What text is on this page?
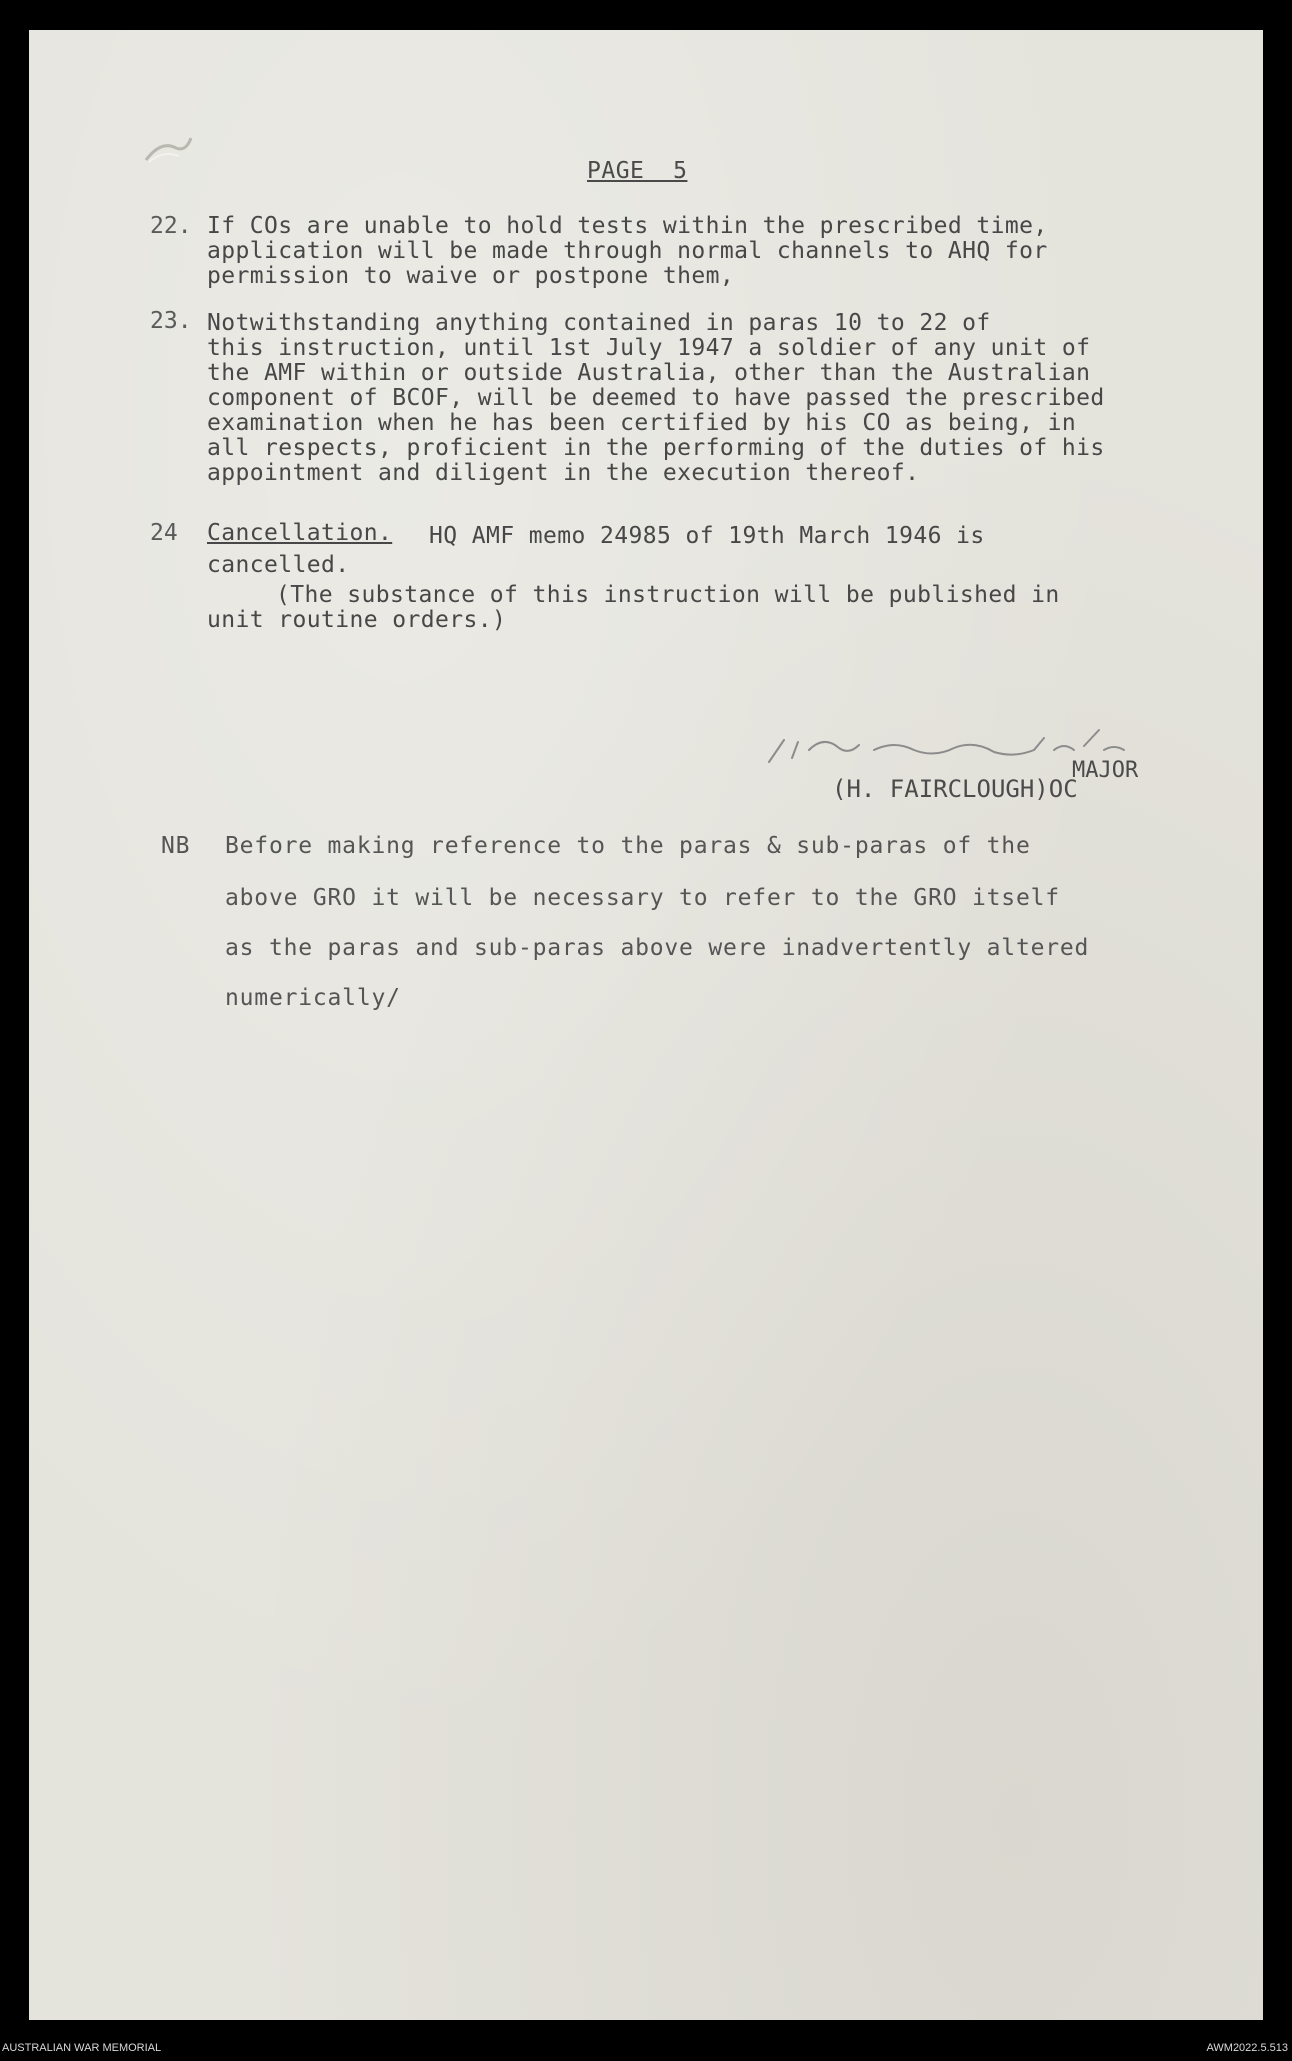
PAGE  5
22. If COs are unable to hold tests within the prescribed time,
application will be made through normal channels to AHQ for
permission to waive or postpone them,
23. Notwithstanding anything contained in paras 10 to 22 of
this instruction, until 1st July 1947 a soldier of any unit of
the AMF within or outside Australia, other than the Australian
component of BCOF, will be deemed to have passed the prescribed
examination when he has been certified by his CO as being, in
all respects, proficient in the performing of the duties of his
appointment and diligent in the execution thereof.
24 Cancellation. HQ AMF memo 24985 of 19th March 1946 is
cancelled.
(The substance of this instruction will be published in
unit routine orders.)
MAJOR
(H. FAIRCLOUGH)OC
NB Before making reference to the paras & sub-paras of the
above GRO it will be necessary to refer to the GRO itself
as the paras and sub-paras above were inadvertently altered
numerically/
AUSTRALIAN WAR MEMORIAL	AWM2022.5.513
